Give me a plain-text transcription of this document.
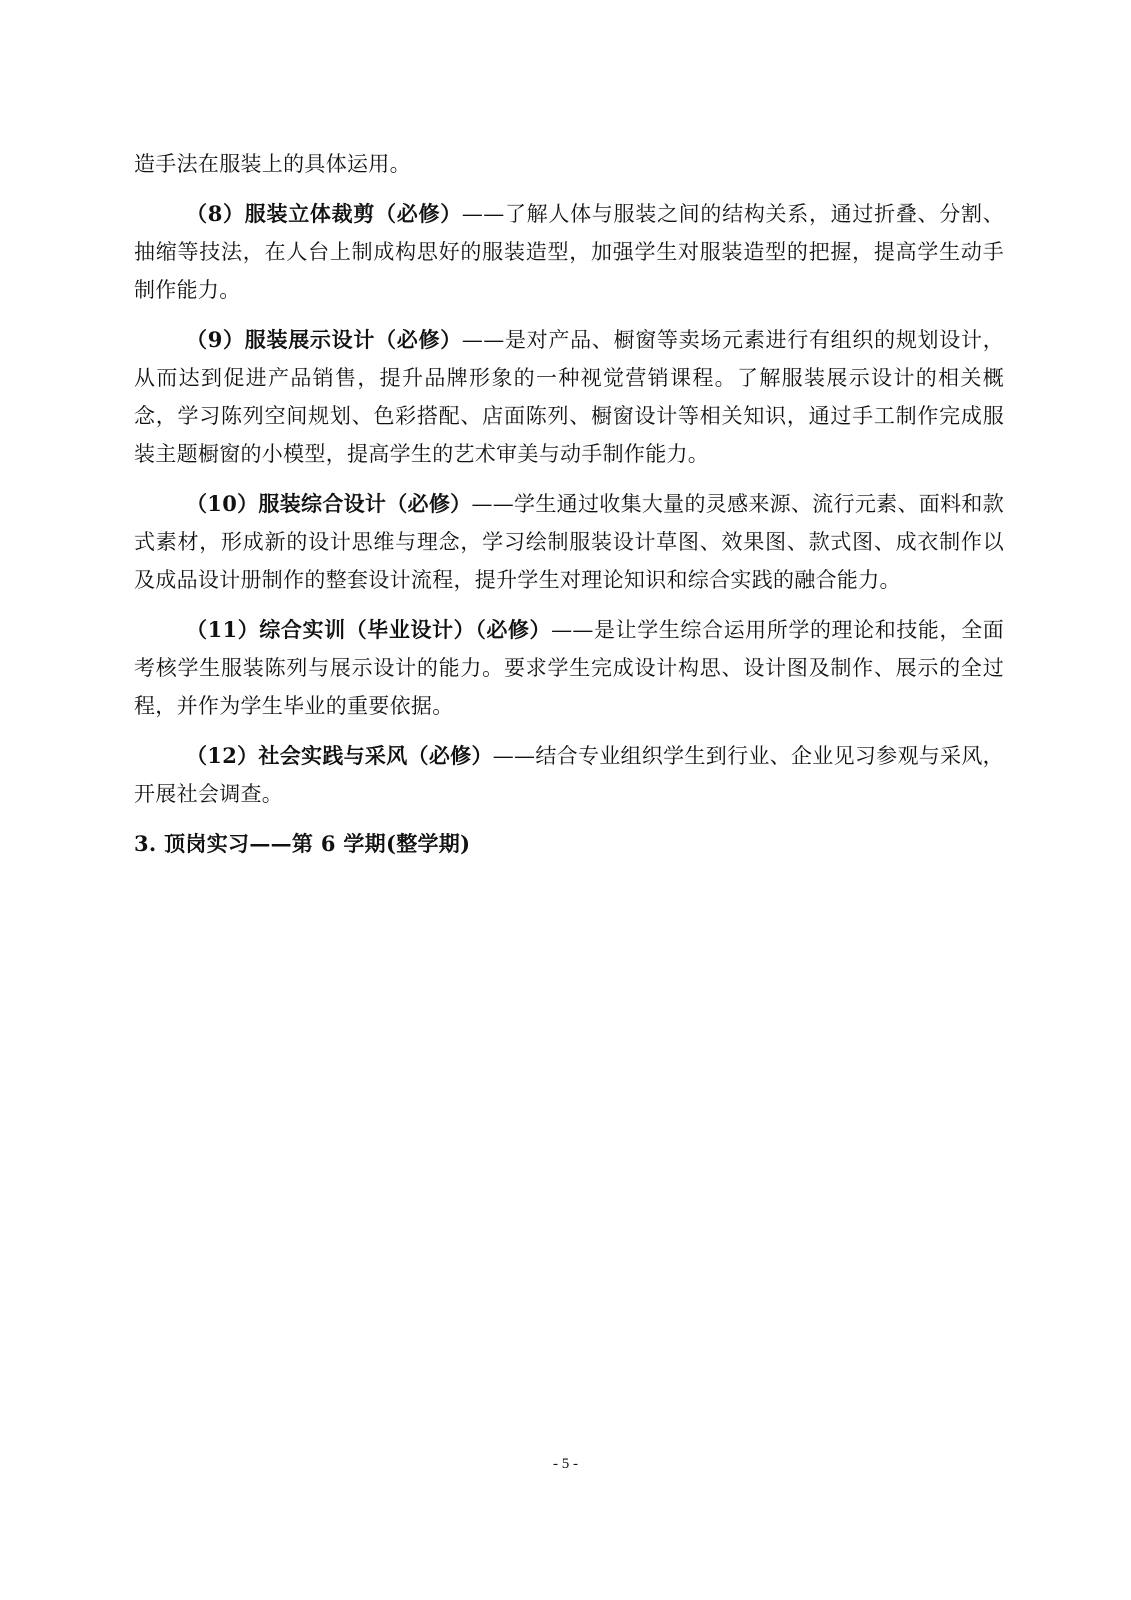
造手法在服装上的具体运用。

（8）服装立体裁剪（必修）——了解人体与服装之间的结构关系，通过折叠、分割、抽缩等技法，在人台上制成构思好的服装造型，加强学生对服装造型的把握，提高学生动手制作能力。

（9）服装展示设计（必修）——是对产品、橱窗等卖场元素进行有组织的规划设计，从而达到促进产品销售，提升品牌形象的一种视觉营销课程。了解服装展示设计的相关概念，学习陈列空间规划、色彩搭配、店面陈列、橱窗设计等相关知识，通过手工制作完成服装主题橱窗的小模型，提高学生的艺术审美与动手制作能力。

（10）服装综合设计（必修）——学生通过收集大量的灵感来源、流行元素、面料和款式素材，形成新的设计思维与理念，学习绘制服装设计草图、效果图、款式图、成衣制作以及成品设计册制作的整套设计流程，提升学生对理论知识和综合实践的融合能力。

（11）综合实训（毕业设计）（必修）——是让学生综合运用所学的理论和技能，全面考核学生服装陈列与展示设计的能力。要求学生完成设计构思、设计图及制作、展示的全过程，并作为学生毕业的重要依据。

（12）社会实践与采风（必修）——结合专业组织学生到行业、企业见习参观与采风，开展社会调查。

3. 顶岗实习——第 6 学期(整学期)

- 5 -
